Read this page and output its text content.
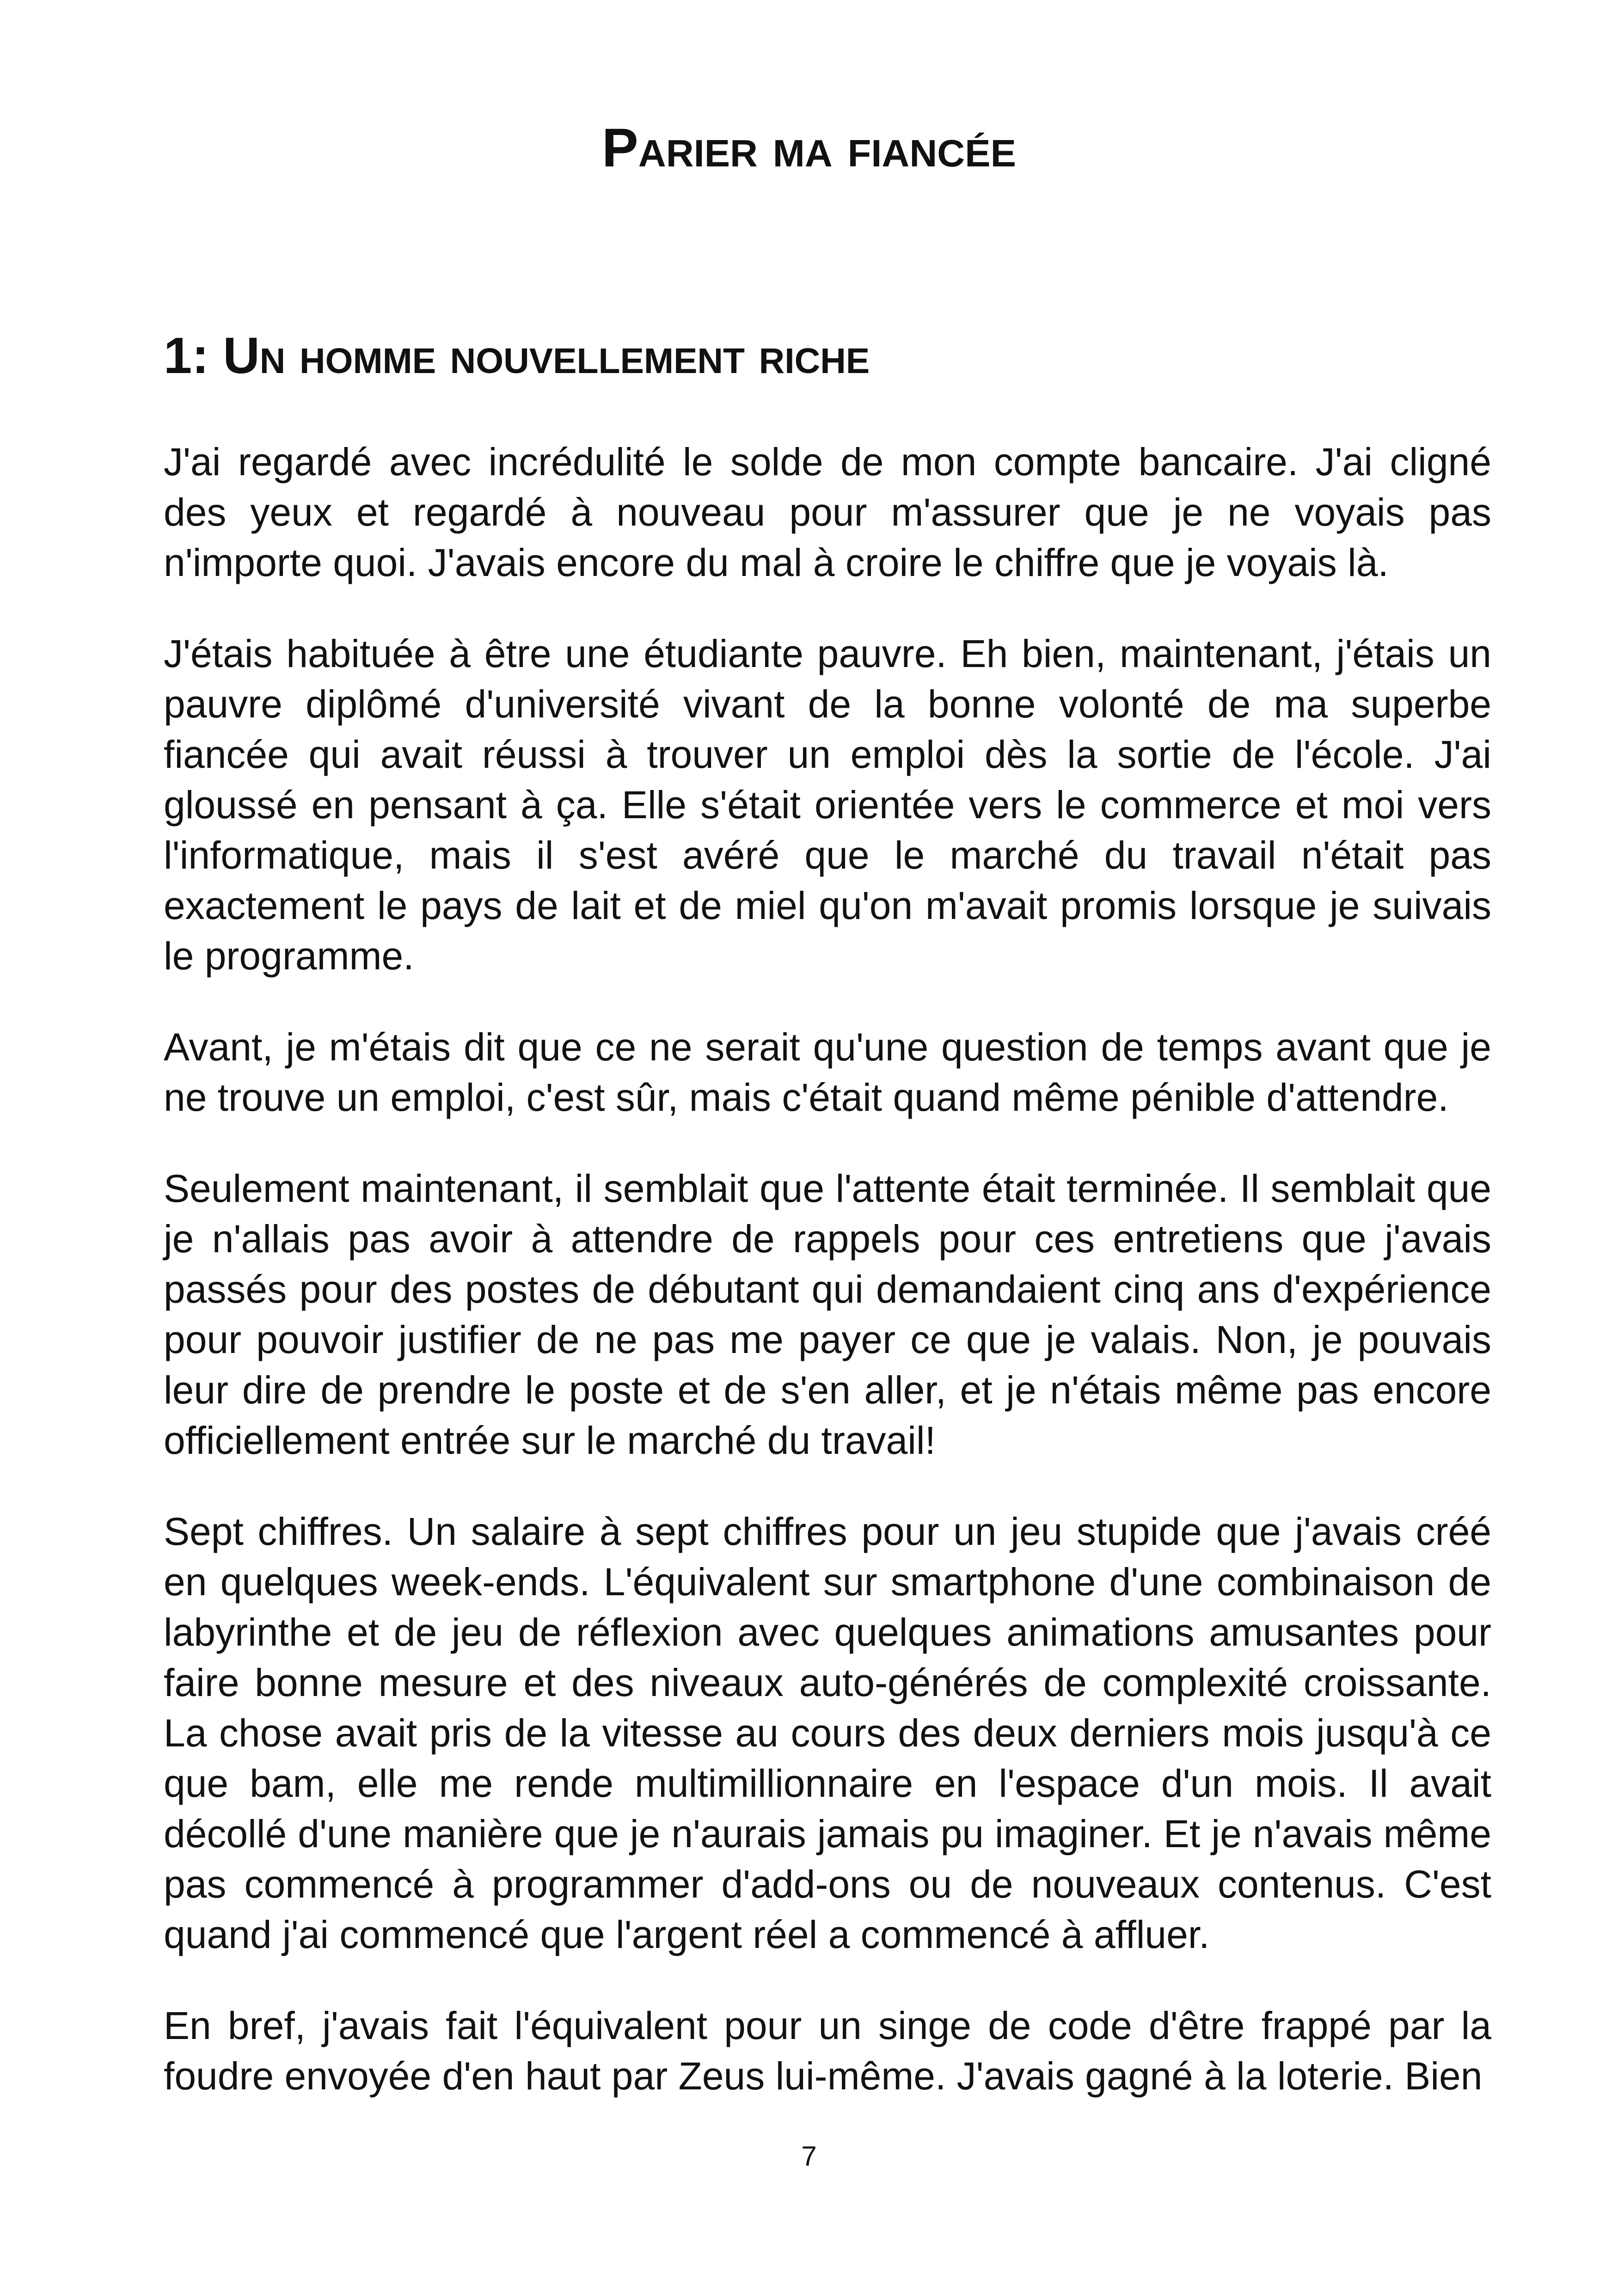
Parier ma fiancée
1: Un homme nouvellement riche

J'ai regardé avec incrédulité le solde de mon compte bancaire. J'ai cligné des yeux et regardé à nouveau pour m'assurer que je ne voyais pas n'importe quoi. J'avais encore du mal à croire le chiffre que je voyais là.

J'étais habituée à être une étudiante pauvre. Eh bien, maintenant, j'étais un pauvre diplômé d'université vivant de la bonne volonté de ma superbe fiancée qui avait réussi à trouver un emploi dès la sortie de l'école. J'ai gloussé en pensant à ça. Elle s'était orientée vers le commerce et moi vers l'informatique, mais il s'est avéré que le marché du travail n'était pas exactement le pays de lait et de miel qu'on m'avait promis lorsque je suivais le programme.

Avant, je m'étais dit que ce ne serait qu'une question de temps avant que je ne trouve un emploi, c'est sûr, mais c'était quand même pénible d'attendre.

Seulement maintenant, il semblait que l'attente était terminée. Il semblait que je n'allais pas avoir à attendre de rappels pour ces entretiens que j'avais passés pour des postes de débutant qui demandaient cinq ans d'expérience pour pouvoir justifier de ne pas me payer ce que je valais. Non, je pouvais leur dire de prendre le poste et de s'en aller, et je n'étais même pas encore officiellement entrée sur le marché du travail!

Sept chiffres. Un salaire à sept chiffres pour un jeu stupide que j'avais créé en quelques week-ends. L'équivalent sur smartphone d'une combinaison de labyrinthe et de jeu de réflexion avec quelques animations amusantes pour faire bonne mesure et des niveaux auto-générés de complexité croissante. La chose avait pris de la vitesse au cours des deux derniers mois jusqu'à ce que bam, elle me rende multimillionnaire en l'espace d'un mois. Il avait décollé d'une manière que je n'aurais jamais pu imaginer. Et je n'avais même pas commencé à programmer d'add-ons ou de nouveaux contenus. C'est quand j'ai commencé que l'argent réel a commencé à affluer.

En bref, j'avais fait l'équivalent pour un singe de code d'être frappé par la foudre envoyée d'en haut par Zeus lui-même. J'avais gagné à la loterie. Bien

7
